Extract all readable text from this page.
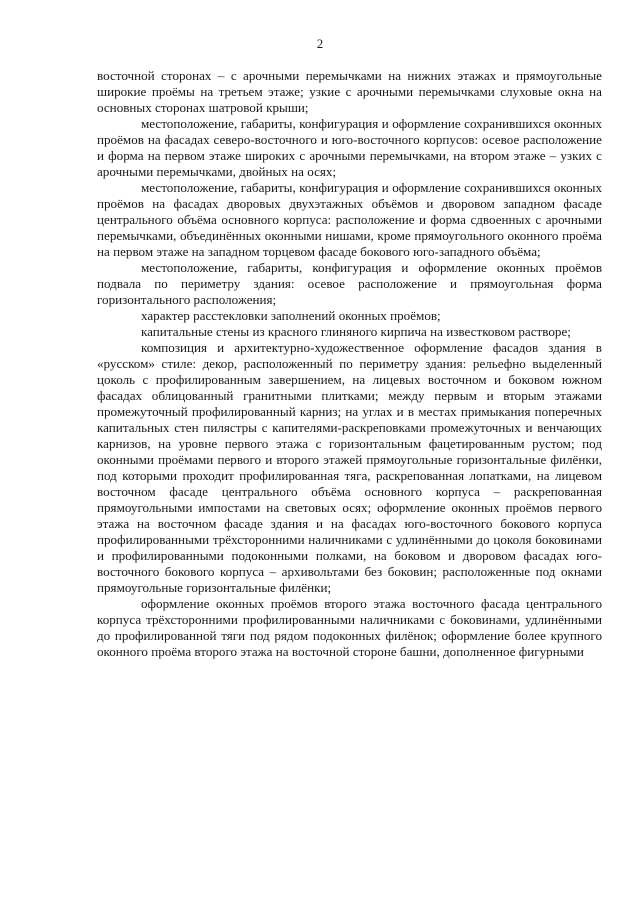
2

восточной сторонах – с арочными перемычками на нижних этажах и прямоугольные широкие проёмы на третьем этаже; узкие с арочными перемычками слуховые окна на основных сторонах шатровой крыши;

местоположение, габариты, конфигурация и оформление сохранившихся оконных проёмов на фасадах северо-восточного и юго-восточного корпусов: осевое расположение и форма на первом этаже широких с арочными перемычками, на втором этаже – узких с арочными перемычками, двойных на осях;

местоположение, габариты, конфигурация и оформление сохранившихся оконных проёмов на фасадах дворовых двухэтажных объёмов и дворовом западном фасаде центрального объёма основного корпуса: расположение и форма сдвоенных с арочными перемычками, объединённых оконными нишами, кроме прямоугольного оконного проёма на первом этаже на западном торцевом фасаде бокового юго-западного объёма;

местоположение, габариты, конфигурация и оформление оконных проёмов подвала по периметру здания: осевое расположение и прямоугольная форма горизонтального расположения;

характер расстекловки заполнений оконных проёмов;

капитальные стены из красного глиняного кирпича на известковом растворе;

композиция и архитектурно-художественное оформление фасадов здания в «русском» стиле: декор, расположенный по периметру здания: рельефно выделенный цоколь с профилированным завершением, на лицевых восточном и боковом южном фасадах облицованный гранитными плитками; между первым и вторым этажами промежуточный профилированный карниз; на углах и в местах примыкания поперечных капитальных стен пилястры с капителями-раскреповками промежуточных и венчающих карнизов, на уровне первого этажа с горизонтальным фацетированным рустом; под оконными проёмами первого и второго этажей прямоугольные горизонтальные филёнки, под которыми проходит профилированная тяга, раскрепованная лопатками, на лицевом восточном фасаде центрального объёма основного корпуса – раскрепованная прямоугольными импостами на световых осях; оформление оконных проёмов первого этажа на восточном фасаде здания и на фасадах юго-восточного бокового корпуса профилированными трёхсторонними наличниками с удлинёнными до цоколя боковинами и профилированными подоконными полками, на боковом и дворовом фасадах юго-восточного бокового корпуса – архивольтами без боковин; расположенные под окнами прямоугольные горизонтальные филёнки;

оформление оконных проёмов второго этажа восточного фасада центрального корпуса трёхсторонними профилированными наличниками с боковинами, удлинёнными до профилированной тяги под рядом подоконных филёнок; оформление более крупного оконного проёма второго этажа на восточной стороне башни, дополненное фигурными
